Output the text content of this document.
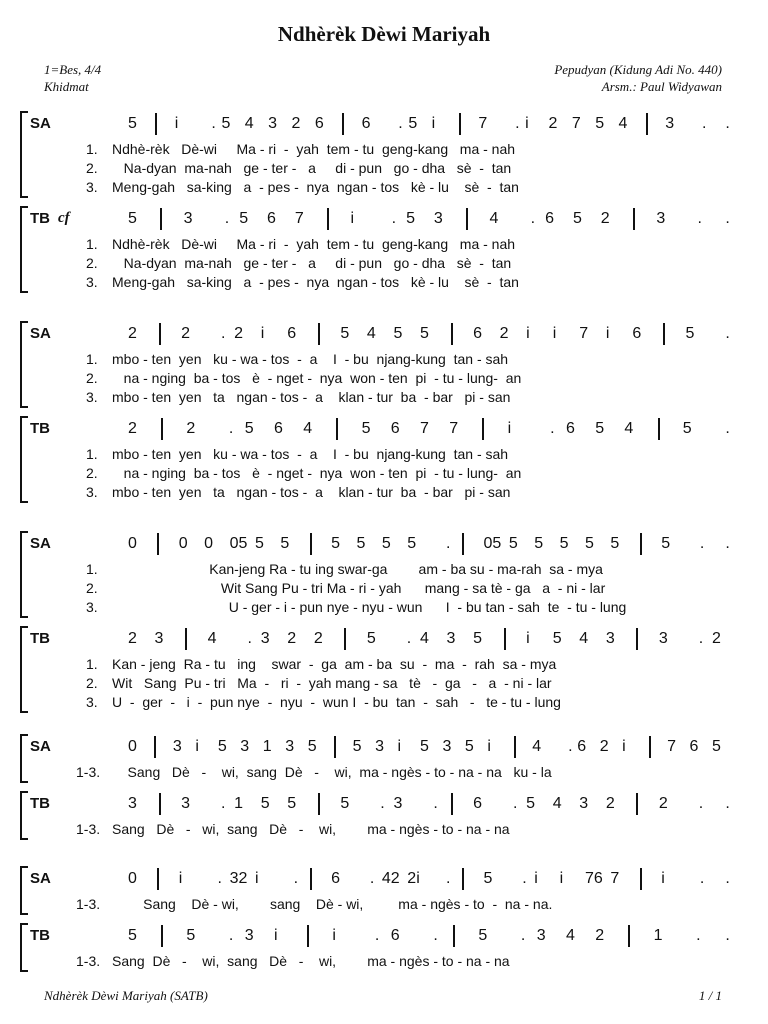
Ndhèrèk Dèwi Mariyah
1=Bes, 4/4
Khidmat
Pepudyan (Kidung Adi No. 440)
Arsm.: Paul Widyawan
SA	5 i . 5 4 3 2 6 6 . 5 i	7 . i 2 7 5 4 3 . .
1. Ndhè-rèk   Dè-wi     Ma - ri  -  yah  tem - tu  geng-kang   ma - nah
2. Na-dyan  ma-nah   ge - ter -   a     di - pun   go - dha   sè  -  tan
3. Meng-gah   sa-king   a  - pes -  nya  ngan - tos   kè - lu    sè  -  tan
TB cf	5	3 . 5 6 7	i . 5 3	4 . 6 5 2	3 . .
1. Ndhè-rèk   Dè-wi     Ma - ri  -  yah  tem - tu  geng-kang   ma - nah
2. Na-dyan  ma-nah   ge - ter -   a     di - pun   go - dha   sè  -  tan
3. Meng-gah   sa-king   a  - pes -  nya  ngan - tos   kè - lu    sè  -  tan
SA	2	2 . 2 i 6	5 4 5 5	6 2 i i 7 i 6	5 .
1. mbo - ten  yen   ku - wa - tos  -  a    I  - bu  njang-kung  tan - sah
2. na - nging  ba - tos   è  - nget -  nya  won - ten  pi  - tu - lung-  an
3. mbo - ten  yen   ta   ngan - tos -  a    klan - tur  ba  - bar   pi - san
TB	2	2 . 5 6 4	5 6 7 7	i . 6 5 4	5 .
1. mbo - ten  yen   ku - wa - tos  -  a    I  - bu  njang-kung  tan - sah
2. na - nging  ba - tos   è  - nget -  nya  won - ten  pi  - tu - lung-  an
3. mbo - ten  yen   ta   ngan - tos -  a    klan - tur  ba  - bar   pi - san
SA	0	0 0 05 5 5	5 5 5 5 . 05 5 5 5 5 5	5 . .
1. Kan-jeng Ra - tu ing swar-ga        am - ba su - ma-rah  sa - mya
2. Wit Sang Pu - tri Ma - ri - yah      mang - sa tè - ga   a  - ni - lar
3. U - ger - i - pun nye - nyu - wun      I  - bu tan - sah  te  - tu - lung
TB	2 3	4 . 3 2 2	5 . 4 3 5	i 5 4 3	3 . 2
1. Kan - jeng  Ra - tu   ing    swar  -  ga  am - ba  su  -  ma  -  rah  sa - mya
2. Wit   Sang  Pu - tri   Ma  -   ri  -  yah mang - sa   tè   -  ga   -   a  - ni - lar
3. U  -  ger  -   i  -  pun nye  -  nyu  -  wun I  - bu  tan  -  sah   -   te - tu - lung
SA	0 3 i 5 3 1 3 5 5 3 i 5 3 5 i	4 . 6 2 i	7 6 5
1-3. Sang   Dè   -    wi,  sang  Dè   -    wi,  ma - ngès - to - na - na   ku - la
TB	3	3 . 1 5 5	5 . 3 . 6 . 5 4 3 2	2 . .
1-3. Sang   Dè   -   wi,  sang   Dè   -    wi,        ma - ngès - to - na - na
SA	0	i . 32 i . 6 . 42 2i . 5 . i i 76 7	i . .
1-3. Sang    Dè - wi,        sang    Dè - wi,         ma - ngès - to  -  na - na.
TB	5	5 . 3 i	i . 6 .	5 . 3 4 2	1 . .
1-3. Sang  Dè   -    wi,  sang   Dè   -    wi,        ma - ngès - to - na - na
Ndhèrèk Dèwi Mariyah (SATB)	1 / 1
